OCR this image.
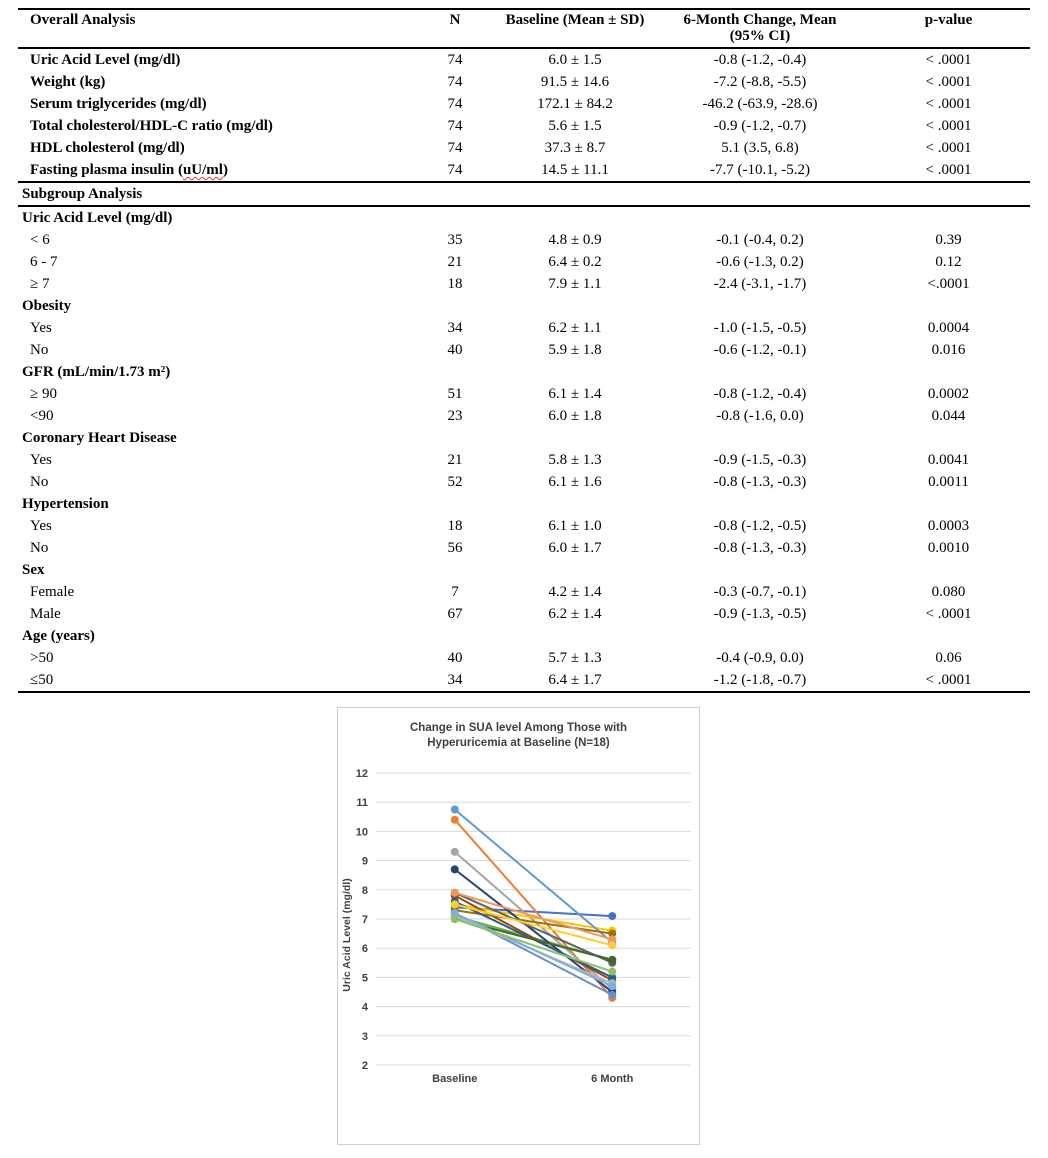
Overall Analysis	N	Baseline (Mean ± SD)	6-Month Change, Mean
(95% CI)	p-value
Uric Acid Level (mg/dl)	74	6.0 ± 1.5	-0.8 (-1.2, -0.4)	< .0001
Weight (kg)	74	91.5 ± 14.6	-7.2 (-8.8, -5.5)	< .0001
Serum triglycerides (mg/dl)	74	172.1 ± 84.2	-46.2 (-63.9, -28.6)	< .0001
Total cholesterol/HDL-C ratio (mg/dl)	74	5.6 ± 1.5	-0.9 (-1.2, -0.7)	< .0001
HDL cholesterol (mg/dl)	74	37.3 ± 8.7	5.1 (3.5, 6.8)	< .0001
Fasting plasma insulin (uU/ml)	74	14.5 ± 11.1	-7.7 (-10.1, -5.2)	< .0001
Subgroup Analysis				
Uric Acid Level (mg/dl)				
< 6	35	4.8 ± 0.9	-0.1 (-0.4, 0.2)	0.39
6 - 7	21	6.4 ± 0.2	-0.6 (-1.3, 0.2)	0.12
≥ 7	18	7.9 ± 1.1	-2.4 (-3.1, -1.7)	<.0001
Obesity				
Yes	34	6.2 ± 1.1	-1.0 (-1.5, -0.5)	0.0004
No	40	5.9 ± 1.8	-0.6 (-1.2, -0.1)	0.016
GFR (mL/min/1.73 m²)				
≥ 90	51	6.1 ± 1.4	-0.8 (-1.2, -0.4)	0.0002
<90	23	6.0 ± 1.8	-0.8 (-1.6, 0.0)	0.044
Coronary Heart Disease				
Yes	21	5.8 ± 1.3	-0.9 (-1.5, -0.3)	0.0041
No	52	6.1 ± 1.6	-0.8 (-1.3, -0.3)	0.0011
Hypertension				
Yes	18	6.1 ± 1.0	-0.8 (-1.2, -0.5)	0.0003
No	56	6.0 ± 1.7	-0.8 (-1.3, -0.3)	0.0010
Sex				
Female	7	4.2 ± 1.4	-0.3 (-0.7, -0.1)	0.080
Male	67	6.2 ± 1.4	-0.9 (-1.3, -0.5)	< .0001
Age (years)				
>50	40	5.7 ± 1.3	-0.4 (-0.9, 0.0)	0.06
≤50	34	6.4 ± 1.7	-1.2 (-1.8, -0.7)	< .0001
Change in SUA level Among Those with
Hyperuricemia at Baseline (N=18)
12
11
10
9
8
7
6
5
4
3
2
Baseline	6 Month
Uric Acid Level (mg/dl)
